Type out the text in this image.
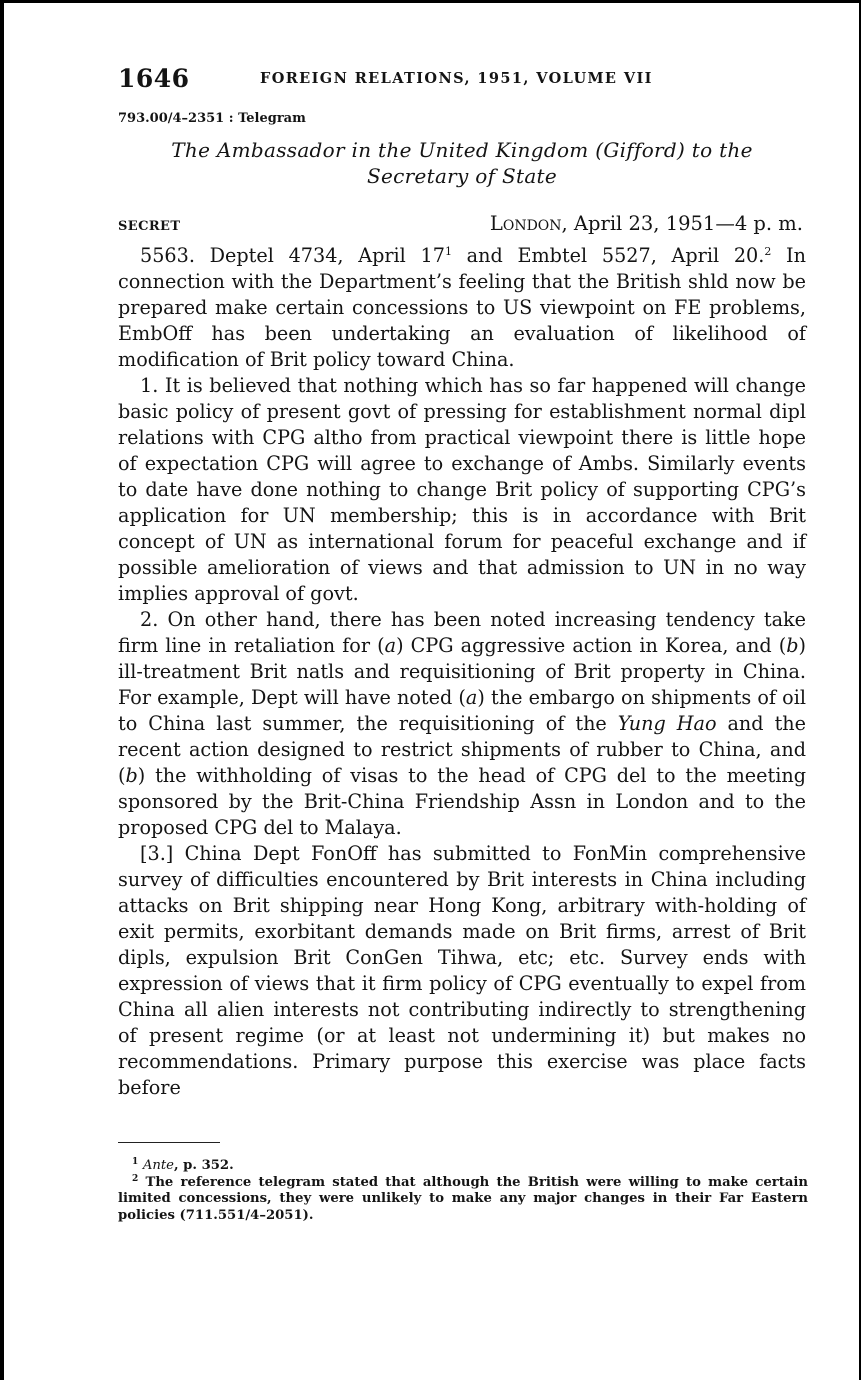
1646	FOREIGN RELATIONS, 1951, VOLUME VII
793.00/4–2351 : Telegram
The Ambassador in the United Kingdom (Gifford) to the Secretary of State
SECRET	London, April 23, 1951—4 p. m.

5563. Deptel 4734, April 17$^1$ and Embtel 5527, April 20.$^2$ In connection with the Department’s feeling that the British shld now be prepared make certain concessions to US viewpoint on FE problems, EmbOff has been undertaking an evaluation of likelihood of modification of Brit policy toward China.

1. It is believed that nothing which has so far happened will change basic policy of present govt of pressing for establishment normal dipl relations with CPG altho from practical viewpoint there is little hope of expectation CPG will agree to exchange of Ambs. Similarly events to date have done nothing to change Brit policy of supporting CPG’s application for UN membership; this is in accordance with Brit concept of UN as international forum for peaceful exchange and if possible amelioration of views and that admission to UN in no way implies approval of govt.

2. On other hand, there has been noted increasing tendency take firm line in retaliation for (a) CPG aggressive action in Korea, and (b) ill-treatment Brit natls and requisitioning of Brit property in China. For example, Dept will have noted (a) the embargo on shipments of oil to China last summer, the requisitioning of the Yung Hao and the recent action designed to restrict shipments of rubber to China, and (b) the withholding of visas to the head of CPG del to the meeting sponsored by the Brit-China Friendship Assn in London and to the proposed CPG del to Malaya.

[3.] China Dept FonOff has submitted to FonMin comprehensive survey of difficulties encountered by Brit interests in China including attacks on Brit shipping near Hong Kong, arbitrary with-holding of exit permits, exorbitant demands made on Brit firms, arrest of Brit dipls, expulsion Brit ConGen Tihwa, etc; etc. Survey ends with expression of views that it firm policy of CPG eventually to expel from China all alien interests not contributing indirectly to strengthening of present regime (or at least not undermining it) but makes no recommendations. Primary purpose this exercise was place facts before

$^1$ Ante, p. 352.

$^2$ The reference telegram stated that although the British were willing to make certain limited concessions, they were unlikely to make any major changes in their Far Eastern policies (711.551/4–2051).
